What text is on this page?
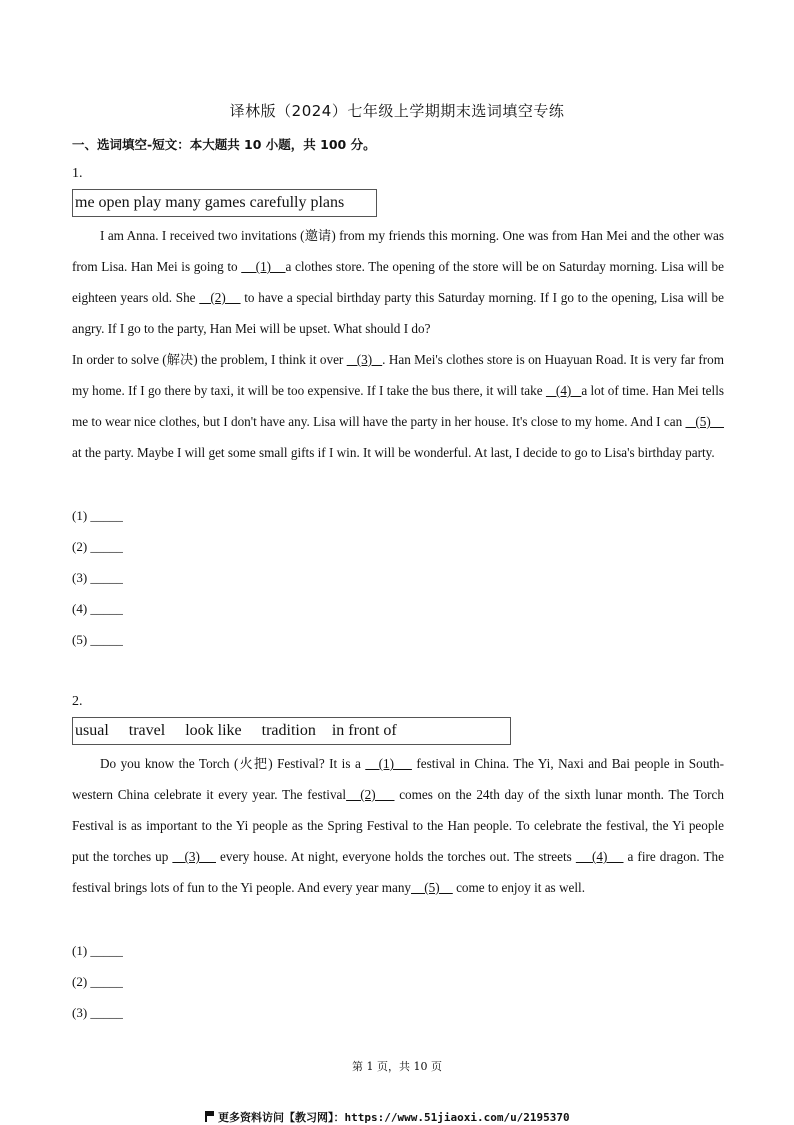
译林版（2024）七年级上学期期末选词填空专练
一、选词填空-短文：本大题共 10 小题，共 100 分。
1.
me open play many games carefully plans

I am Anna. I received two invitations (邀请) from my friends this morning. One was from Han Mei and the other was from Lisa. Han Mei is going to     (1)    a clothes store. The opening of the store will be on Saturday morning. Lisa will be eighteen years old. She    (2)     to have a special birthday party this Saturday morning. If I go to the opening, Lisa will be angry. If I go to the party, Han Mei will be upset. What should I do?

In order to solve (解决) the problem, I think it over    (3)   . Han Mei's clothes store is on Huayuan Road. It is very far from my home. If I go there by taxi, it will be too expensive. If I take the bus there, it will take    (4)   a lot of time. Han Mei tells me to wear nice clothes, but I don't have any. Lisa will have the party in her house. It's close to my home. And I can    (5)     at the party. Maybe I will get some small gifts if I win. It will be wonderful. At last, I decide to go to Lisa's birthday party.

(1) _____
(2) _____
(3) _____
(4) _____
(5) _____
2.
usual     travel     look like     tradition    in front of

Do you know the Torch (火把) Festival? It is a    (1)     festival in China. The Yi, Naxi and Bai people in South-western China celebrate it every year. The festival   (2)     comes on the 24th day of the sixth lunar month. The Torch Festival is as important to the Yi people as the Spring Festival to the Han people. To celebrate the festival, the Yi people put the torches up    (3)     every house. At night, everyone holds the torches out. The streets     (4)     a fire dragon. The festival brings lots of fun to the Yi people. And every year many    (5)     come to enjoy it as well.

(1) _____
(2) _____
(3) _____
第 1 页，共 10 页
更多资料访问【教习网】：https://www.51jiaoxi.com/u/2195370
